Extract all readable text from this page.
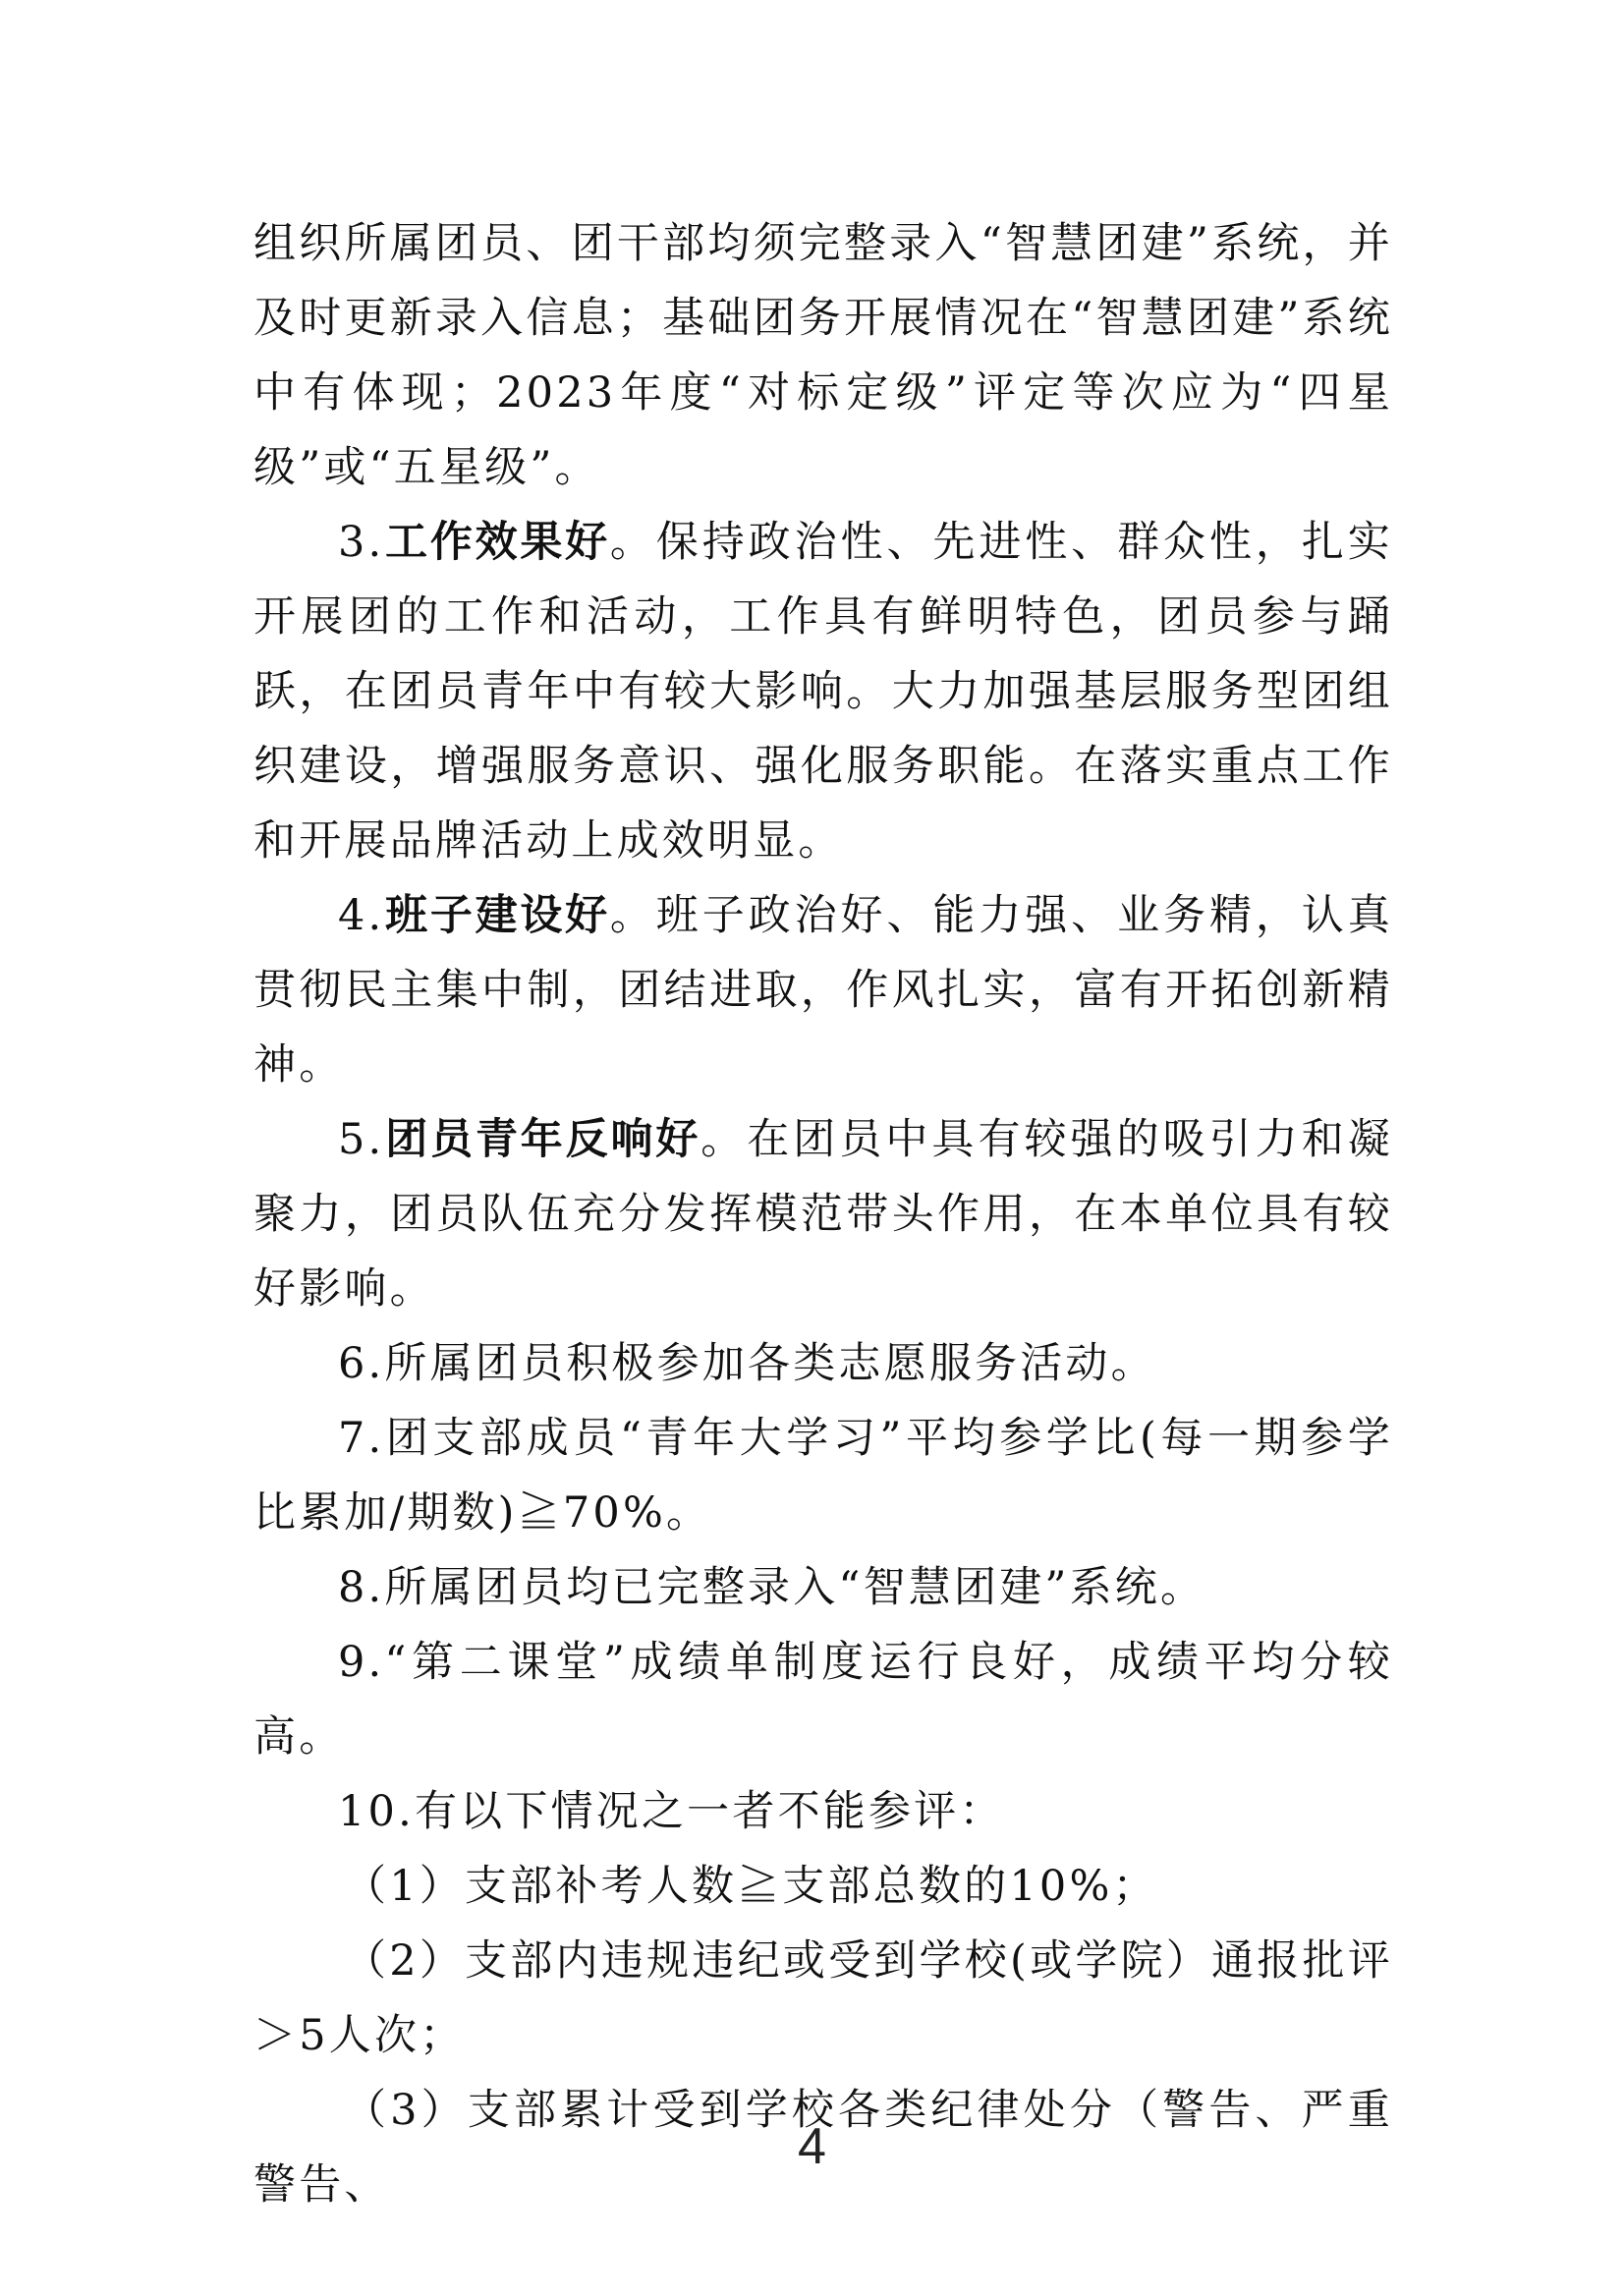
组织所属团员、团干部均须完整录入“智慧团建”系统，并及时更新录入信息；基础团务开展情况在“智慧团建”系统中有体现；2023年度“对标定级”评定等次应为“四星级”或“五星级”。

3.工作效果好。保持政治性、先进性、群众性，扎实开展团的工作和活动，工作具有鲜明特色，团员参与踊跃，在团员青年中有较大影响。大力加强基层服务型团组织建设，增强服务意识、强化服务职能。在落实重点工作和开展品牌活动上成效明显。

4.班子建设好。班子政治好、能力强、业务精，认真贯彻民主集中制，团结进取，作风扎实，富有开拓创新精神。

5.团员青年反响好。在团员中具有较强的吸引力和凝聚力，团员队伍充分发挥模范带头作用，在本单位具有较好影响。

6.所属团员积极参加各类志愿服务活动。

7.团支部成员“青年大学习”平均参学比(每一期参学比累加/期数)≧70%。

8.所属团员均已完整录入“智慧团建”系统。

9.“第二课堂”成绩单制度运行良好，成绩平均分较高。

10.有以下情况之一者不能参评：

（1）支部补考人数≧支部总数的10%；

（2）支部内违规违纪或受到学校(或学院）通报批评＞5人次；

（3）支部累计受到学校各类纪律处分（警告、严重警告、

4
